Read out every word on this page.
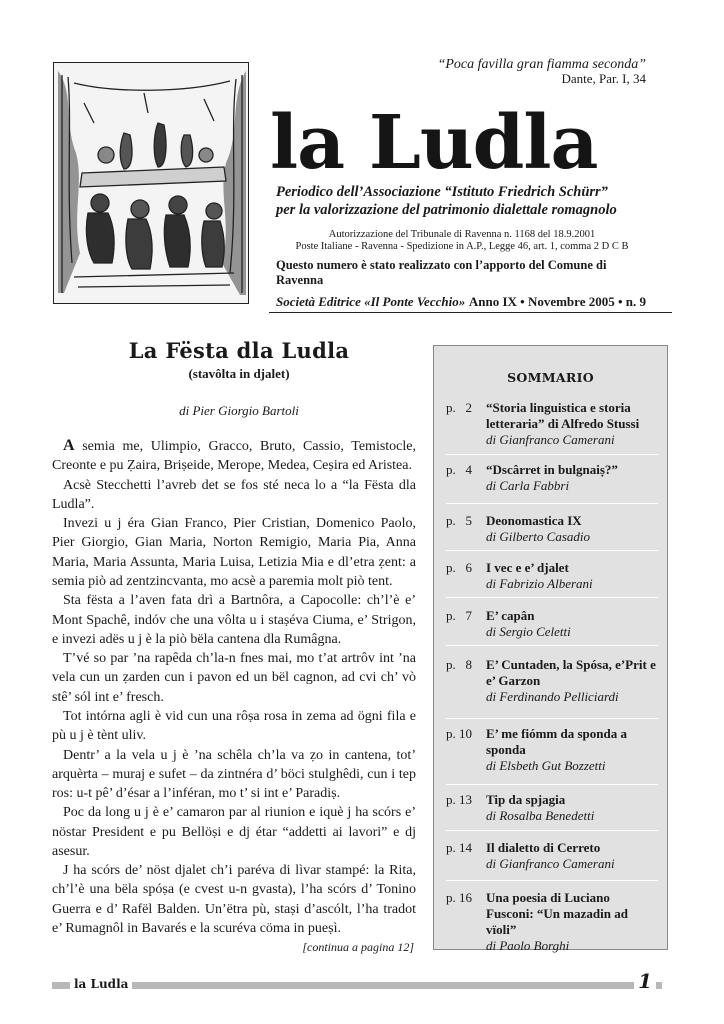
“Poca favilla gran fiamma seconda”
Dante, Par. I, 34
la Ludla
Periodico dell’Associazione “Istituto Friedrich Schürr”
per la valorizzazione del patrimonio dialettale romagnolo
Autorizzazione del Tribunale di Ravenna n. 1168 del 18.9.2001
Poste Italiane - Ravenna - Spedizione in A.P., Legge 46, art. 1, comma 2 D C B
Questo numero è stato realizzato con l’apporto del Comune di Ravenna
Società Editrice «Il Ponte Vecchio» Anno IX • Novembre 2005 • n. 9
La Fësta dla Ludla
(stavôlta in djalet)
di Pier Giorgio Bartoli

A semia me, Ulimpio, Gracco, Bruto, Cassio, Temistocle, Creonte e pu Ẓaira, Briṣeide, Merope, Medea, Ceṣira ed Aristea.

Acsè Stecchetti l’avreb det se fos sté neca lo a “la Fësta dla Ludla”.

Invezi u j éra Gian Franco, Pier Cristian, Domenico Paolo, Pier Giorgio, Gian Maria, Norton Remigio, Maria Pia, Anna Maria, Maria Assunta, Maria Luisa, Letizia Mia e dl’etra ẓent: a semia piò ad zentzincvanta, mo acsè a paremia molt piò tent.

Sta fësta a l’aven fata drì a Bartnôra, a Capocolle: ch’l’è e’ Mont Spachê, indóv che una vôlta u i staṣéva Ciuma, e’ Strigon, e invezi adës u j è la piò bëla cantena dla Rumâgna.

T’vé so par ’na rapêda ch’la-n fnes mai, mo t’at artrôv int ’na vela cun un ẓarden cun i pavon ed un bël cagnon, ad cvi ch’ vò stê’ sól int e’ fresch.

Tot intórna agli è vid cun una rôṣa rosa in zema ad ögni fila e pù u j è tènt uliv.

Dentr’ a la vela u j è ’na schêla ch’la va ẓo in cantena, tot’ arquèrta – muraj e sufet – da zintnéra d’ böci stulghêdi, cun i tep ros: u-t pê’ d’ésar a l’inféran, mo t’ si int e’ Paradiṣ.

Poc da long u j è e’ camaron par al riunion e iquè j ha scórs e’ nöstar President e pu Bellöṣi e dj étar “addetti ai lavori” e dj asesur.

J ha scórs de’ nöst djalet ch’i paréva di lìvar stampé: la Rita, ch’l’è una bëla spóṣa (e cvest u-n gvasta), l’ha scórs d’ Tonino Guerra e d’ Rafël Balden. Un’ëtra pù, staṣi d’ascólt, l’ha tradot e’ Rumagnôl in Bavarés e la scuréva cöma in pueṣì.

[continua a pagina 12]
SOMMARIO
p.   2 “Storia linguistica e storia letteraria” di Alfredo Stussi
di Gianfranco Camerani
p.   4 “Dscârret in bulgnaiṣ?”
di Carla Fabbri
p.   5 Deonomastica IX
di Gilberto Casadio
p.   6 I vec e e’ djalet
di Fabrizio Alberani
p.   7 E’ capân
di Sergio Celetti
p.   8 E’ Cuntaden, la Spósa, e’Prit e e’ Garzon
di Ferdinando Pelliciardi
p. 10 E’ me fiómm da sponda a sponda
di Elsbeth Gut Bozzetti
p. 13 Tip da spjagia
di Rosalba Benedetti
p. 14 Il dialetto di Cerreto
di Gianfranco Camerani
p. 16 Una poesia di Luciano Fusconi: “Un mazadin ad vïoli”
di Paolo Borghi
la Ludla	1
